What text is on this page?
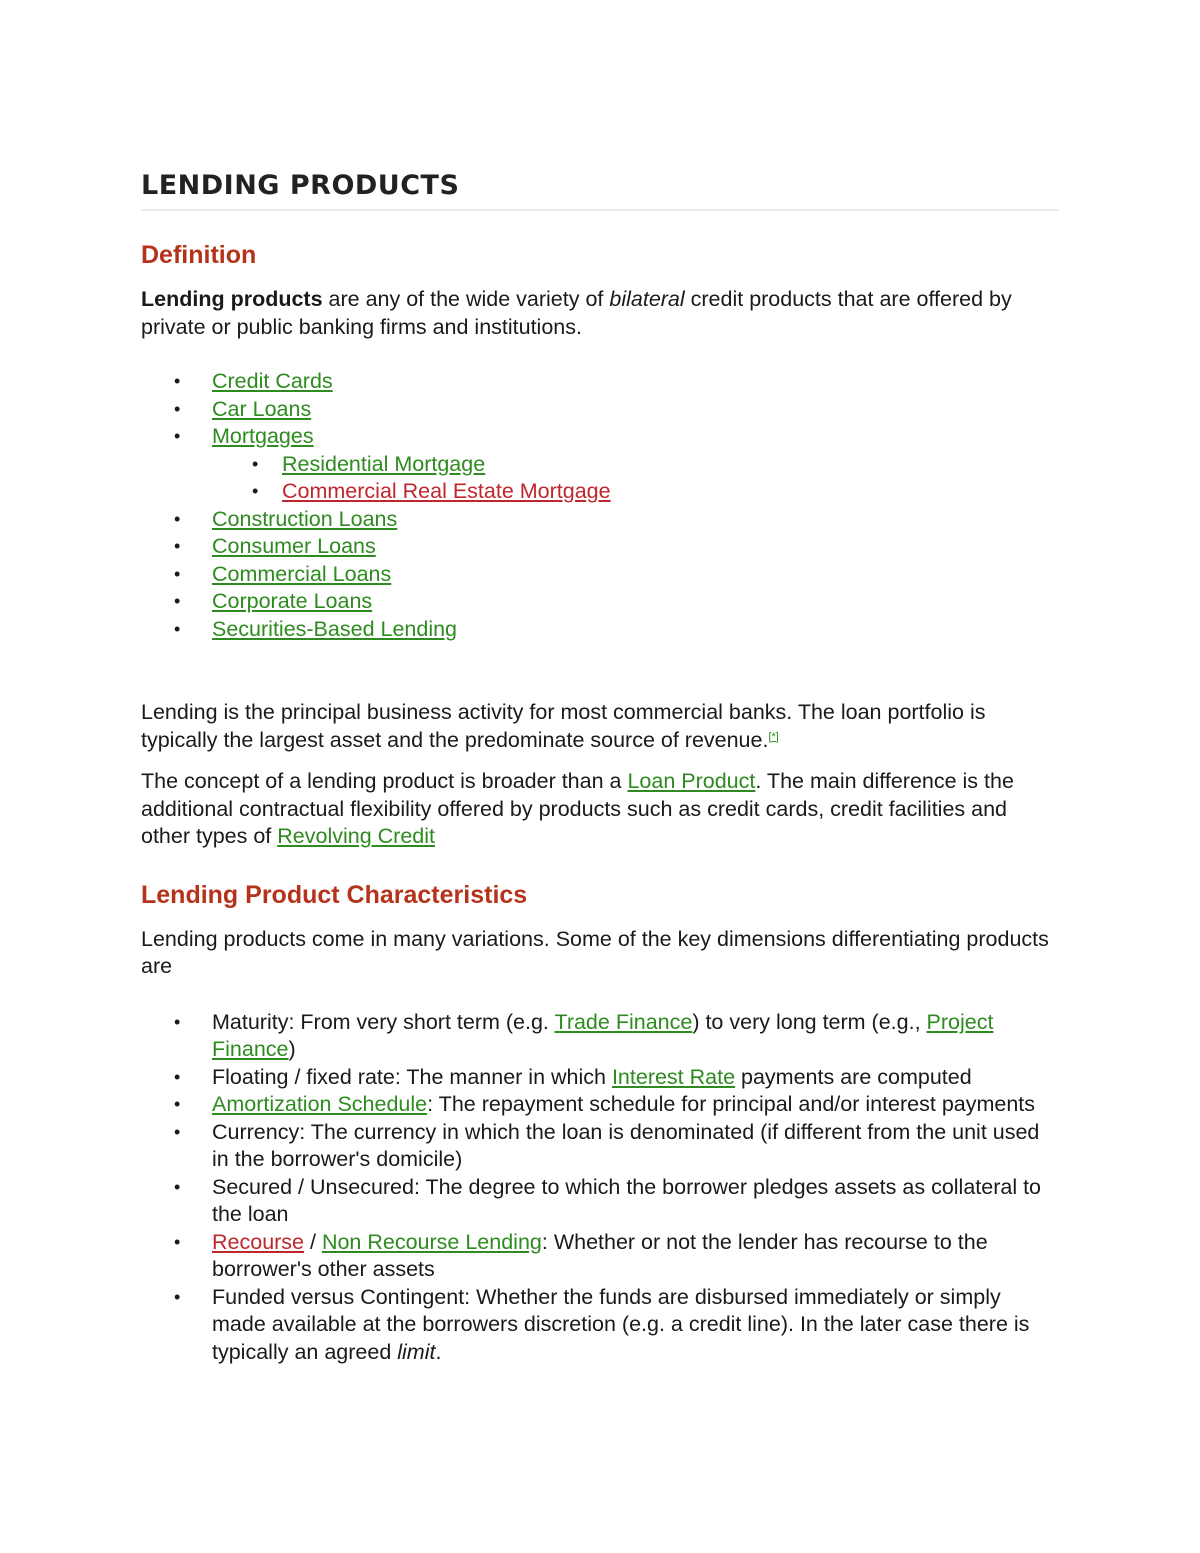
LENDING PRODUCTS
Definition

Lending products are any of the wide variety of bilateral credit products that are offered by private or public banking firms and institutions.

• Credit Cards
• Car Loans
• Mortgages
• Residential Mortgage
• Commercial Real Estate Mortgage
• Construction Loans
• Consumer Loans
• Commercial Loans
• Corporate Loans
• Securities-Based Lending

Lending is the principal business activity for most commercial banks. The loan portfolio is typically the largest asset and the predominate source of revenue.[*]

The concept of a lending product is broader than a Loan Product. The main difference is the additional contractual flexibility offered by products such as credit cards, credit facilities and other types of Revolving Credit

Lending Product Characteristics

Lending products come in many variations. Some of the key dimensions differentiating products are

• Maturity: From very short term (e.g. Trade Finance) to very long term (e.g., Project Finance)
• Floating / fixed rate: The manner in which Interest Rate payments are computed
• Amortization Schedule: The repayment schedule for principal and/or interest payments
• Currency: The currency in which the loan is denominated (if different from the unit used in the borrower's domicile)
• Secured / Unsecured: The degree to which the borrower pledges assets as collateral to the loan
• Recourse / Non Recourse Lending: Whether or not the lender has recourse to the borrower's other assets
• Funded versus Contingent: Whether the funds are disbursed immediately or simply made available at the borrowers discretion (e.g. a credit line). In the later case there is typically an agreed limit.
